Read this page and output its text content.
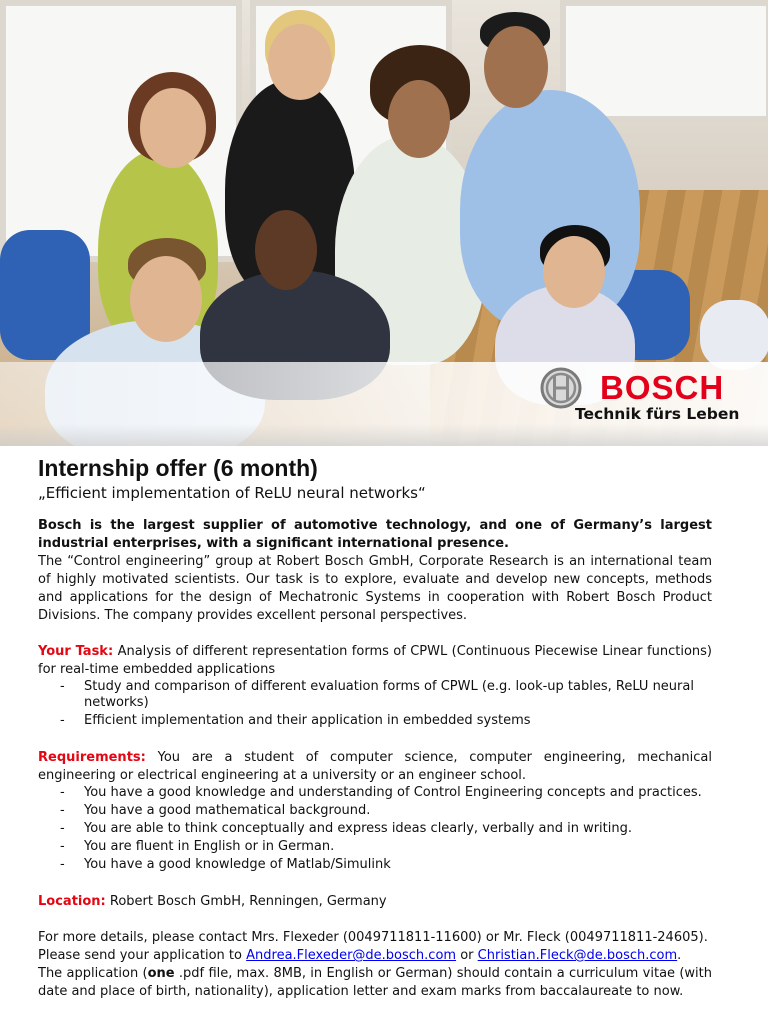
BOSCH
Technik fürs Leben
Internship offer (6 month)

„Efficient implementation of ReLU neural networks“

Bosch is the largest supplier of automotive technology, and one of Germany’s largest industrial enterprises, with a significant international presence.

The “Control engineering” group at Robert Bosch GmbH, Corporate Research is an international team of highly motivated scientists. Our task is to explore, evaluate and develop new concepts, methods and applications for the design of Mechatronic Systems in cooperation with Robert Bosch Product Divisions. The company provides excellent personal perspectives.

Your Task: Analysis of different representation forms of CPWL (Continuous Piecewise Linear functions) for real-time embedded applications

- Study and comparison of different evaluation forms of CPWL (e.g. look-up tables, ReLU neural networks)
- Efficient implementation and their application in embedded systems

Requirements: You are a student of computer science, computer engineering, mechanical engineering or electrical engineering at a university or an engineer school.

- You have a good knowledge and understanding of Control Engineering concepts and practices.
- You have a good mathematical background.
- You are able to think conceptually and express ideas clearly, verbally and in writing.
- You are fluent in English or in German.
- You have a good knowledge of Matlab/Simulink

Location: Robert Bosch GmbH, Renningen, Germany

For more details, please contact Mrs. Flexeder (0049711811-11600) or Mr. Fleck (0049711811-24605).

Please send your application to Andrea.Flexeder@de.bosch.com or Christian.Fleck@de.bosch.com.

The application (one .pdf file, max. 8MB, in English or German) should contain a curriculum vitae (with date and place of birth, nationality), application letter and exam marks from baccalaureate to now.
